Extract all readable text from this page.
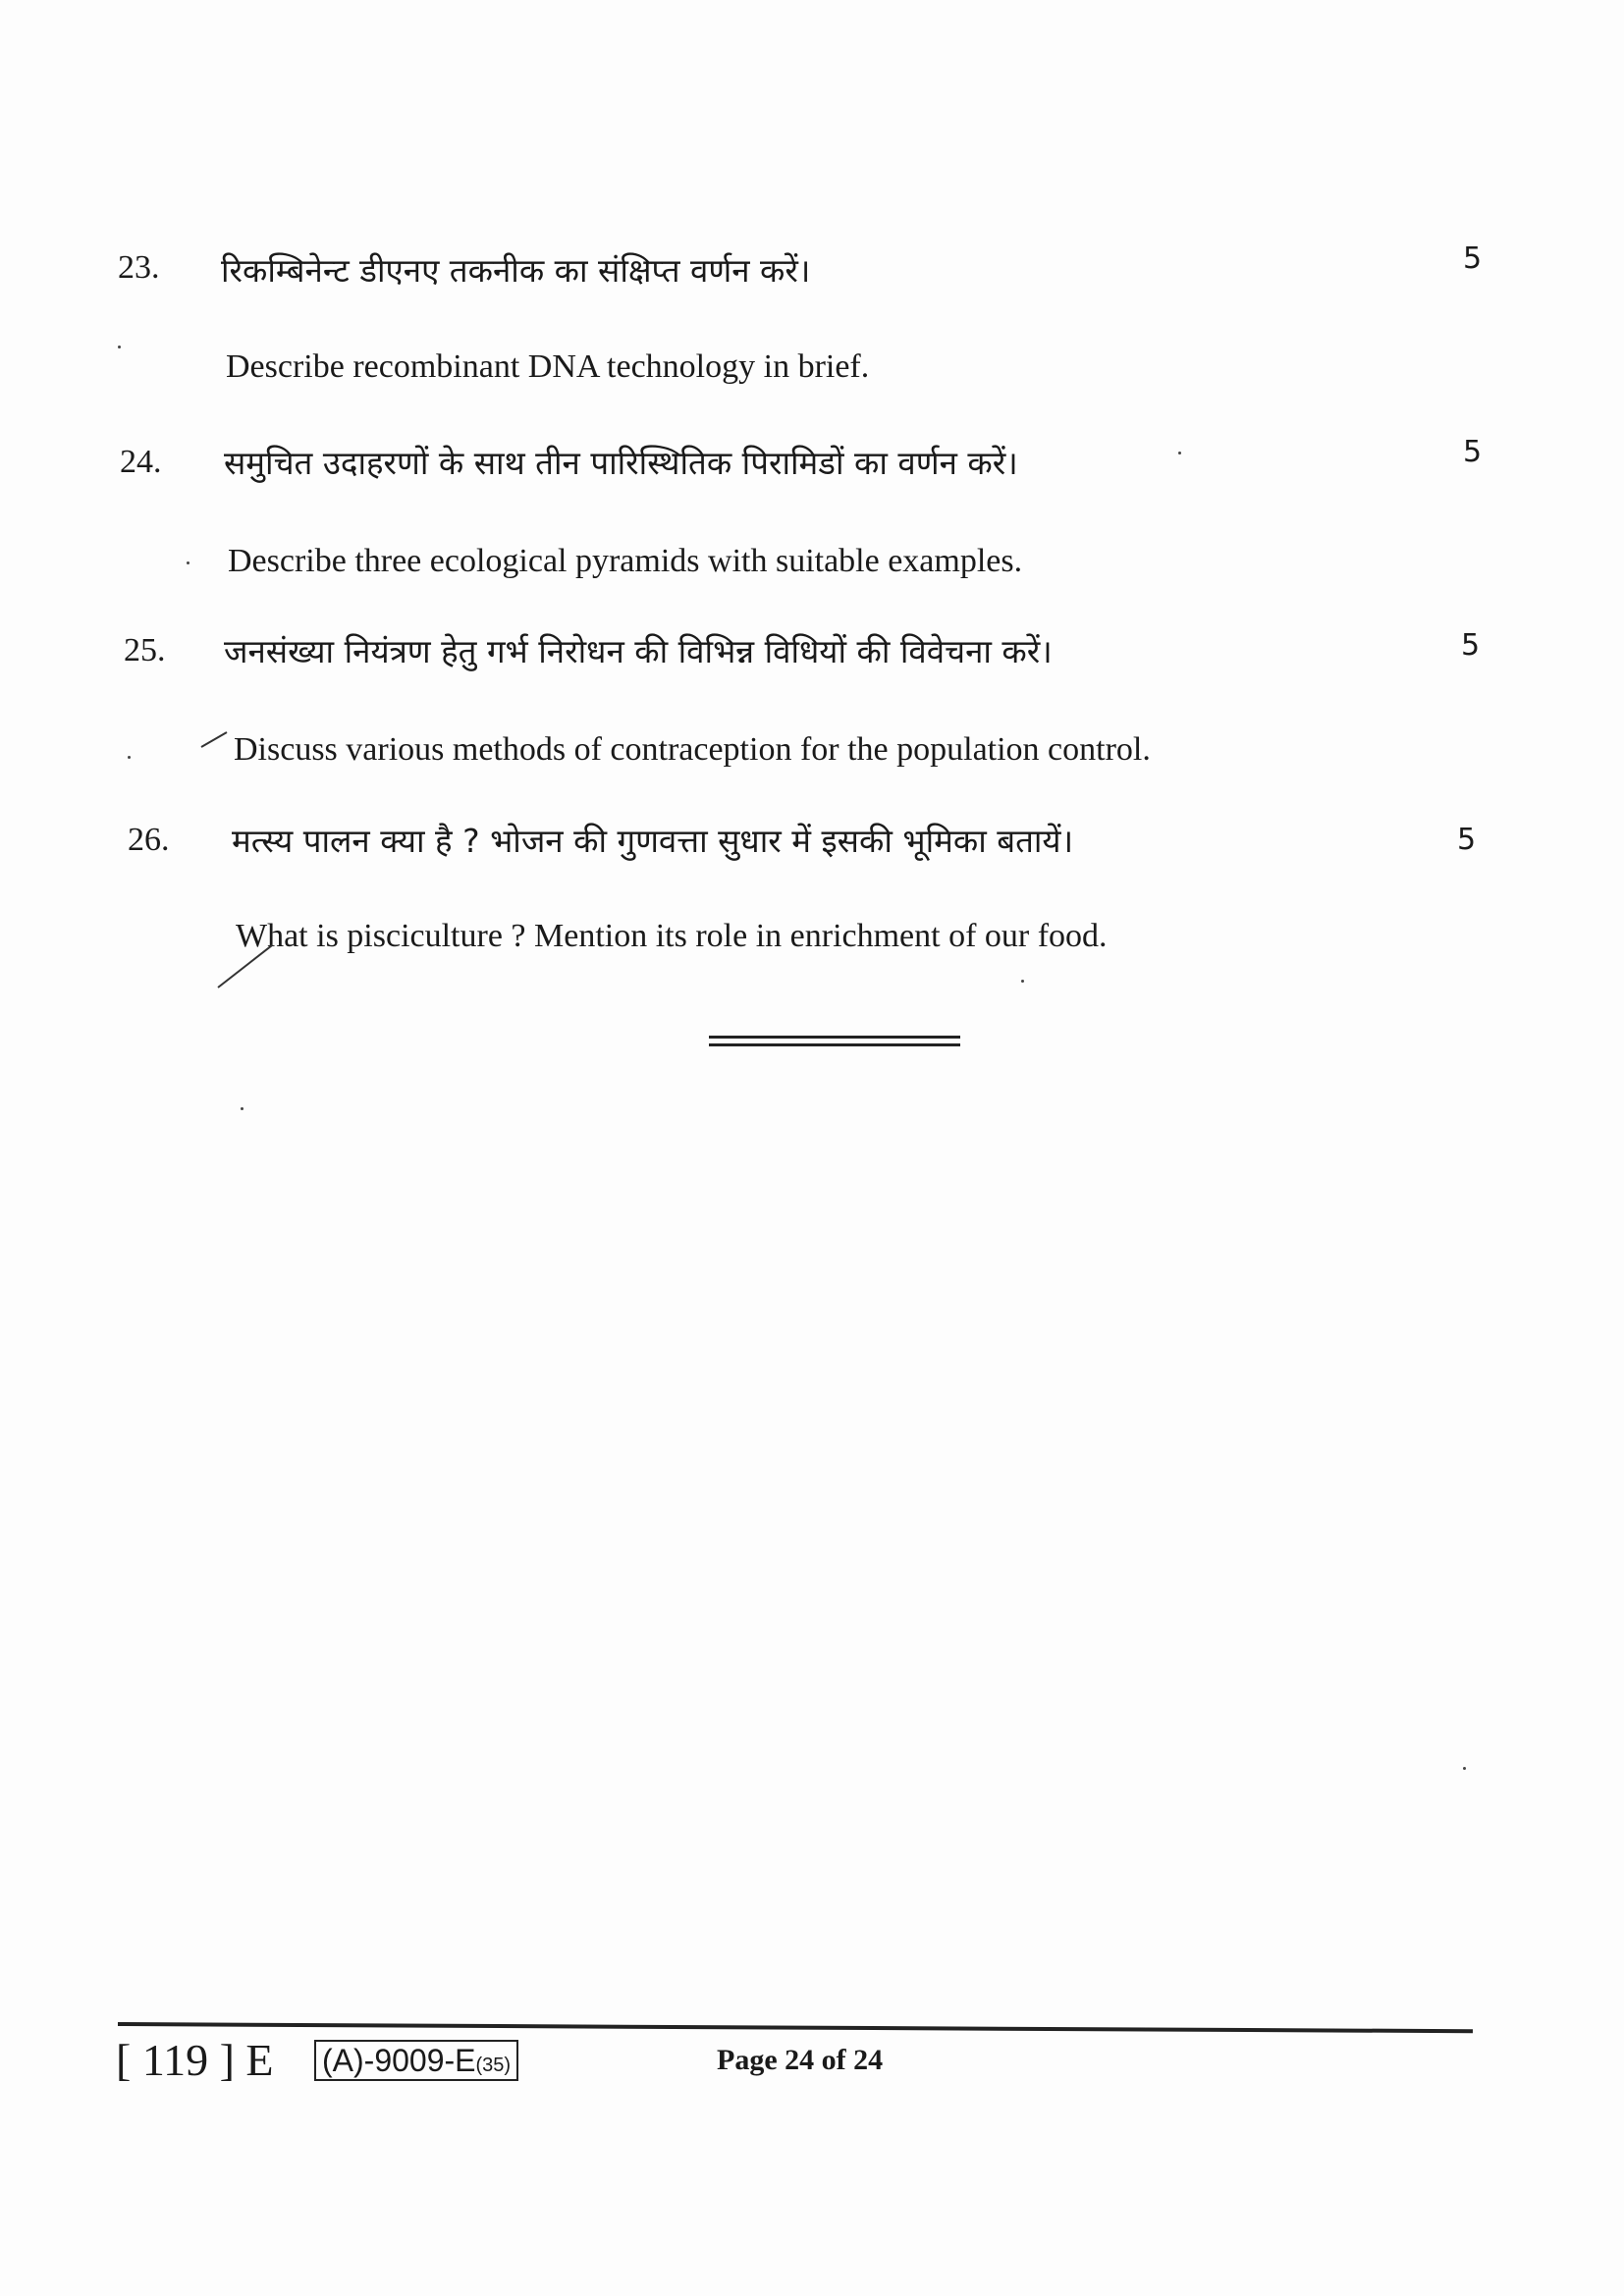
23. रिकम्बिनेन्ट डीएनए तकनीक का संक्षिप्त वर्णन करें।	5
Describe recombinant DNA technology in brief.
24. समुचित उदाहरणों के साथ तीन पारिस्थितिक पिरामिडों का वर्णन करें।	5
Describe three ecological pyramids with suitable examples.
25. जनसंख्या नियंत्रण हेतु गर्भ निरोधन की विभिन्न विधियों की विवेचना करें।	5
Discuss various methods of contraception for the population control.
26. मत्स्य पालन क्या है ? भोजन की गुणवत्ता सुधार में इसकी भूमिका बतायें।	5
What is pisciculture ? Mention its role in enrichment of our food.
[ 119 ] E (A)-9009-E(35)	Page 24 of 24
